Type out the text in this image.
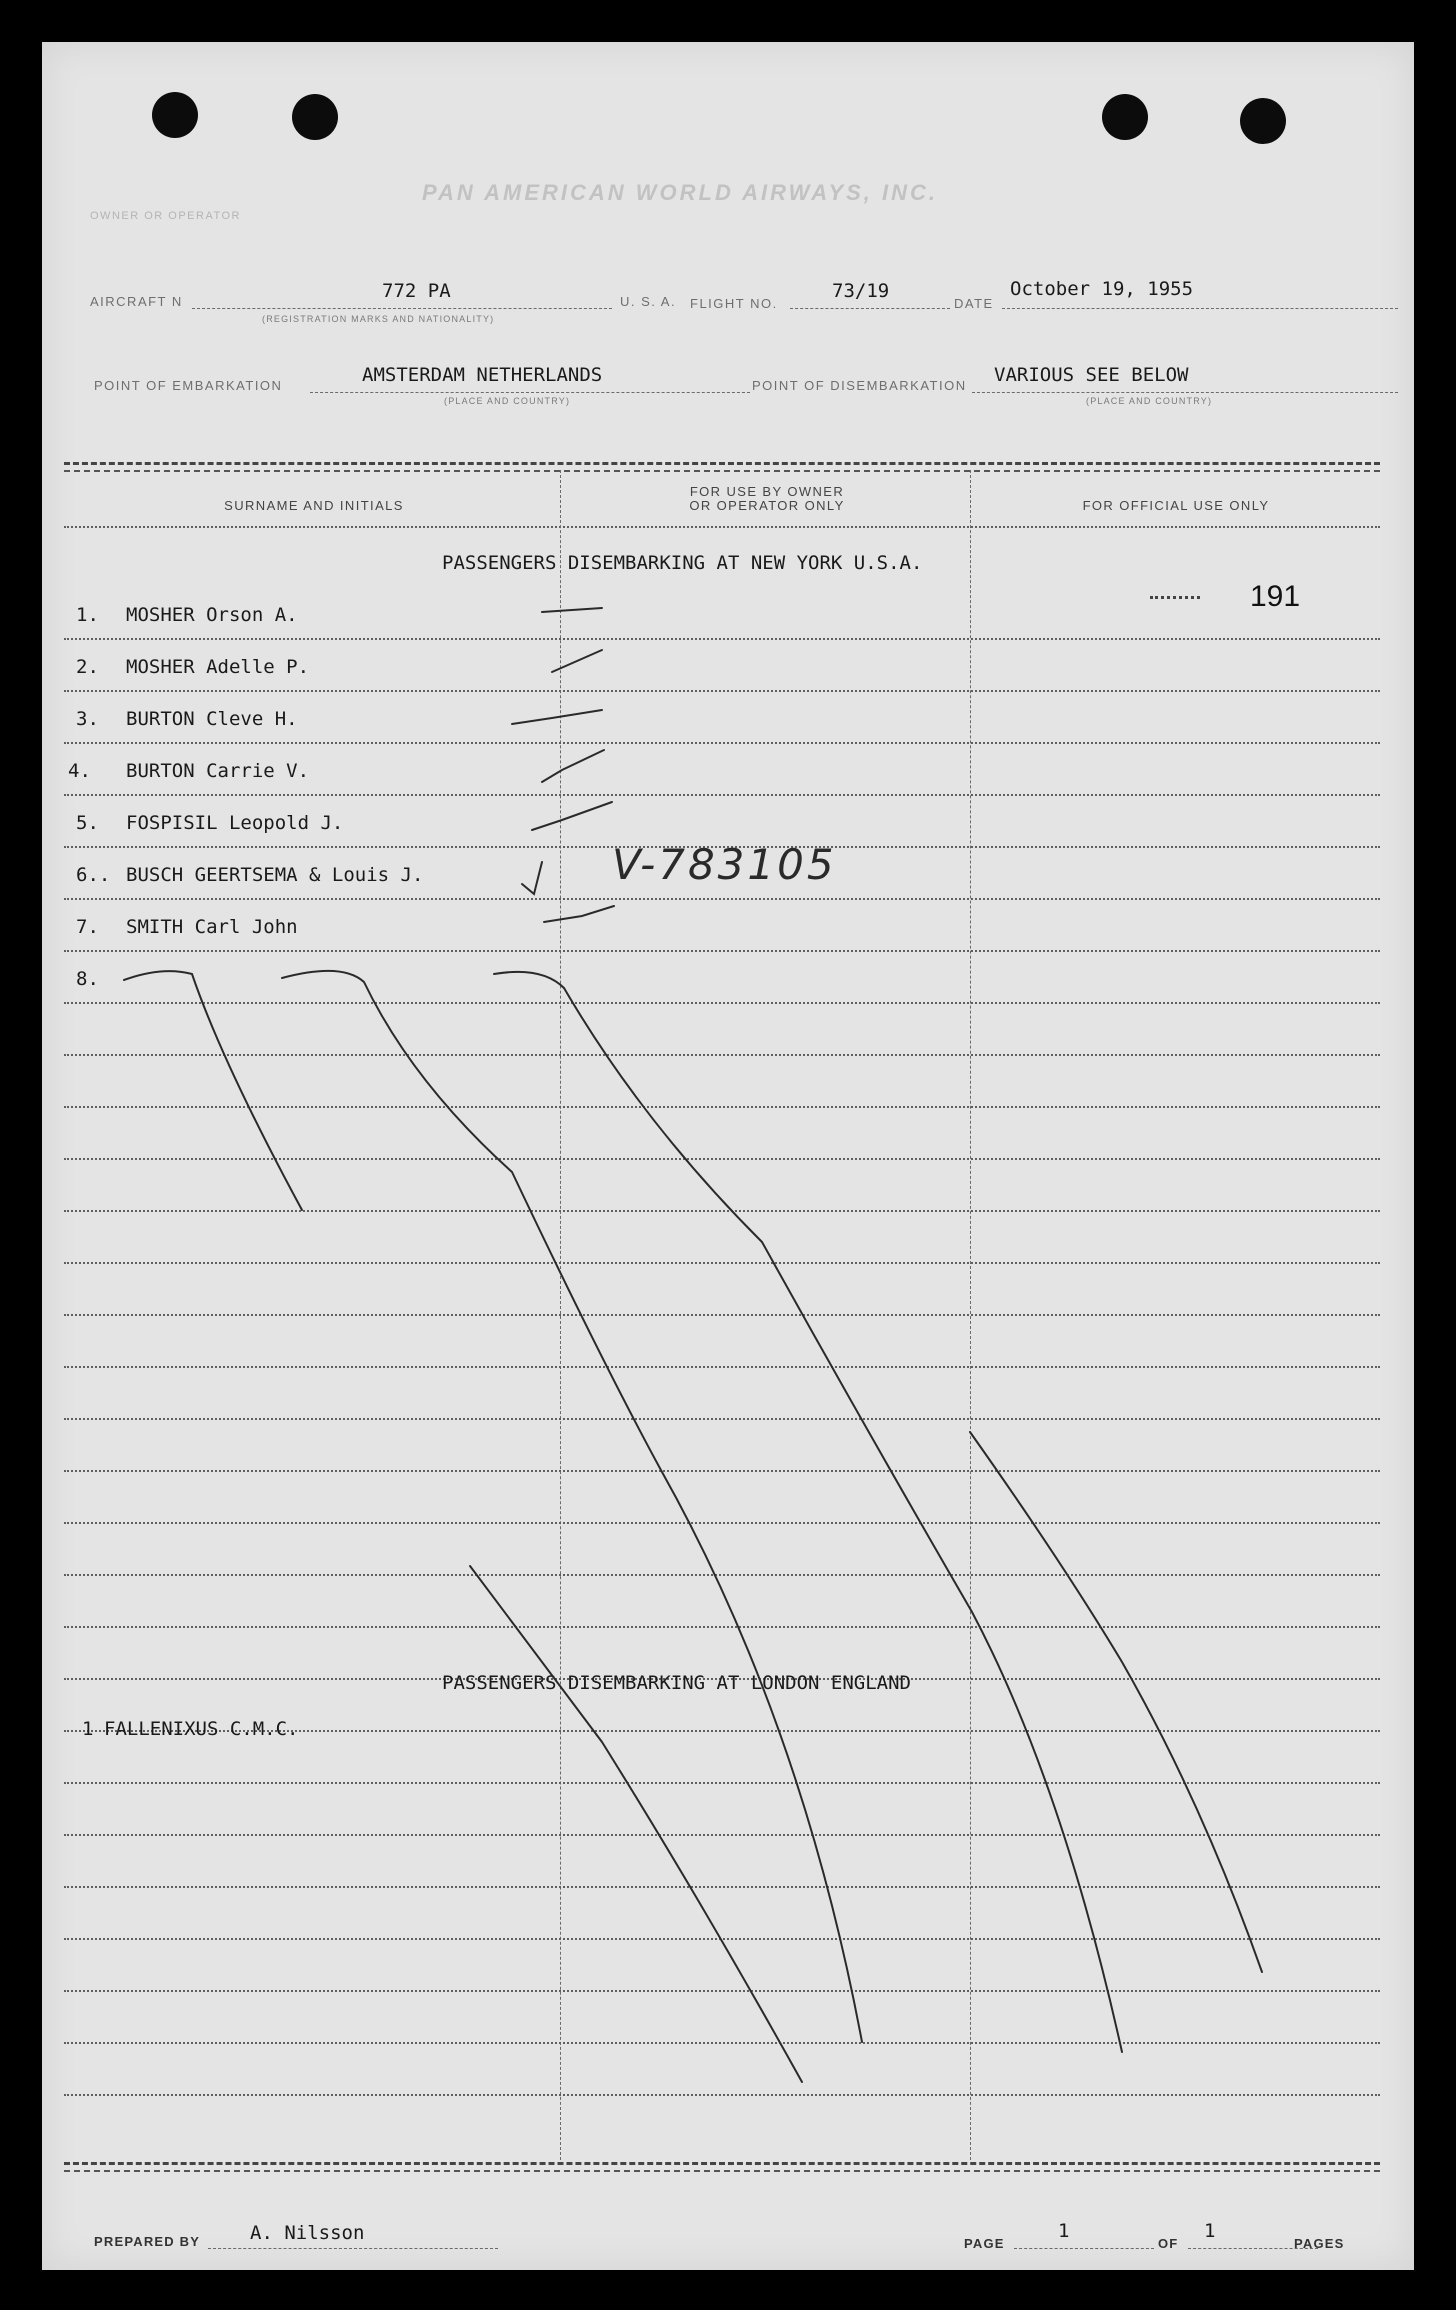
PAN AMERICAN WORLD AIRWAYS, INC.
OWNER OR OPERATOR
AIRCRAFT N	772 PA
(REGISTRATION MARKS AND NATIONALITY)
U. S. A. FLIGHT NO.
73/19
DATE
October 19, 1955
POINT OF EMBARKATION	AMSTERDAM NETHERLANDS
(PLACE AND COUNTRY)
POINT OF DISEMBARKATION VARIOUS SEE BELOW
(PLACE AND COUNTRY)
SURNAME AND INITIALS
FOR USE BY OWNER
OR OPERATOR ONLY	FOR OFFICIAL USE ONLY
PASSENGERS DISEMBARKING AT NEW YORK U.S.A.
191
1. MOSHER Orson A.
2. MOSHER Adelle P.
3. BURTON Cleve H.
4. BURTON Carrie V.
5. FOSPISIL Leopold J.
6.. BUSCH GEERTSEMA & Louis J.
7. SMITH Carl John
8.
V-783105
PASSENGERS DISEMBARKING AT LONDON ENGLAND
1 FALLENIXUS C.M.C.
PREPARED BY	A. Nilsson	PAGE
1
OF
1
PAGES
